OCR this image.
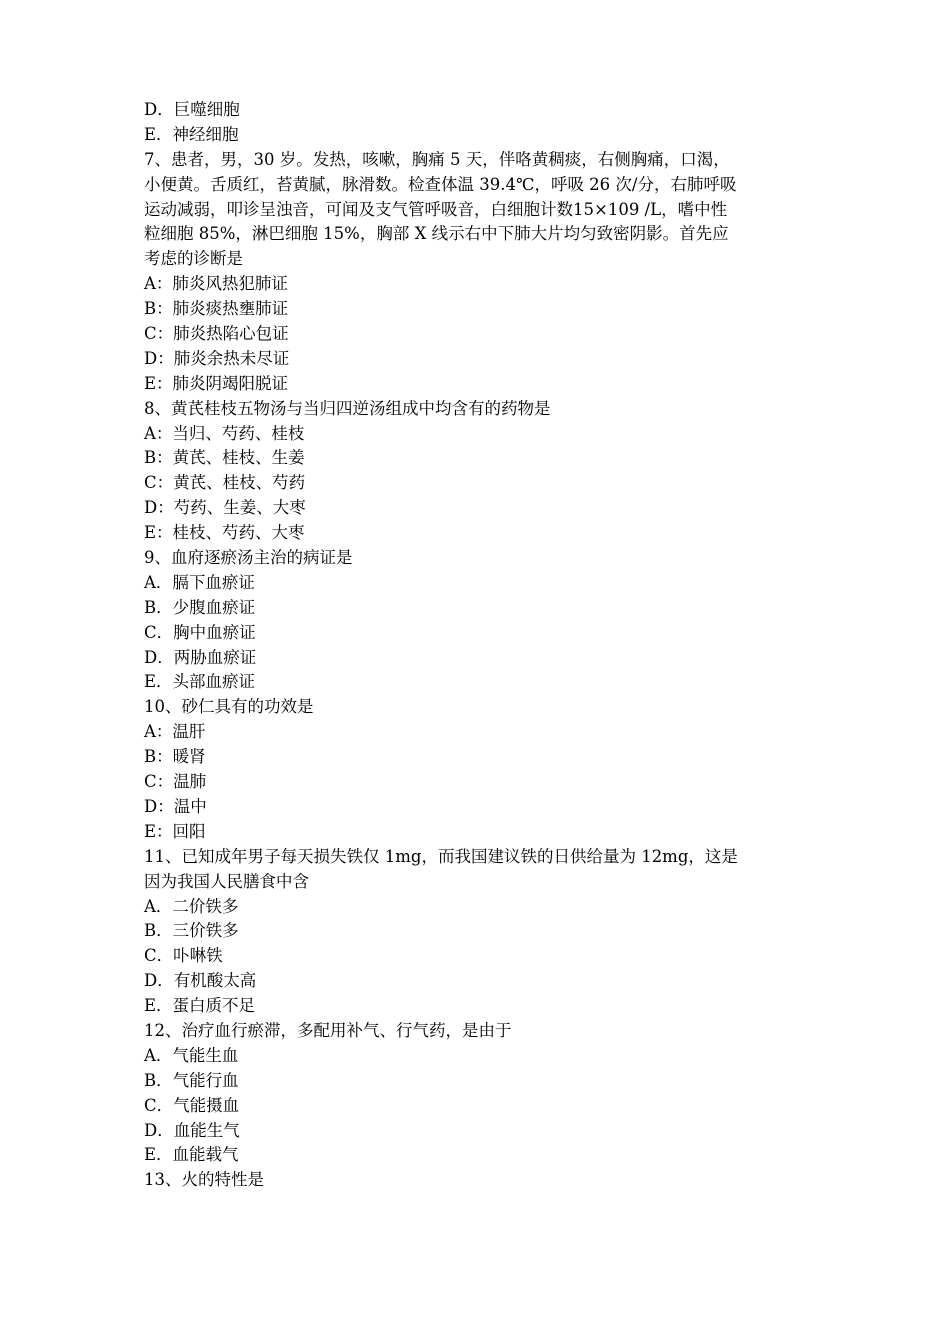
D．巨噬细胞
E．神经细胞
7、患者，男，30 岁。发热，咳嗽，胸痛 5 天，伴咯黄稠痰，右侧胸痛，口渴，
小便黄。舌质红，苔黄腻，脉滑数。检查体温 39.4℃，呼吸 26 次/分，右肺呼吸
运动减弱，叩诊呈浊音，可闻及支气管呼吸音，白细胞计数15×109 /L，嗜中性
粒细胞 85%，淋巴细胞 15%，胸部 X 线示右中下肺大片均匀致密阴影。首先应
考虑的诊断是
A：肺炎风热犯肺证
B：肺炎痰热壅肺证
C：肺炎热陷心包证
D：肺炎余热未尽证
E：肺炎阴竭阳脱证
8、黄芪桂枝五物汤与当归四逆汤组成中均含有的药物是
A：当归、芍药、桂枝
B：黄芪、桂枝、生姜
C：黄芪、桂枝、芍药
D：芍药、生姜、大枣
E：桂枝、芍药、大枣
9、血府逐瘀汤主治的病证是
A．膈下血瘀证
B．少腹血瘀证
C．胸中血瘀证
D．两胁血瘀证
E．头部血瘀证
10、砂仁具有的功效是
A：温肝
B：暖肾
C：温肺
D：温中
E：回阳
11、已知成年男子每天损失铁仅 1mg，而我国建议铁的日供给量为 12mg，这是
因为我国人民膳食中含
A．二价铁多
B．三价铁多
C．卟啉铁
D．有机酸太高
E．蛋白质不足
12、治疗血行瘀滞，多配用补气、行气药，是由于
A．气能生血
B．气能行血
C．气能摄血
D．血能生气
E．血能载气
13、火的特性是
